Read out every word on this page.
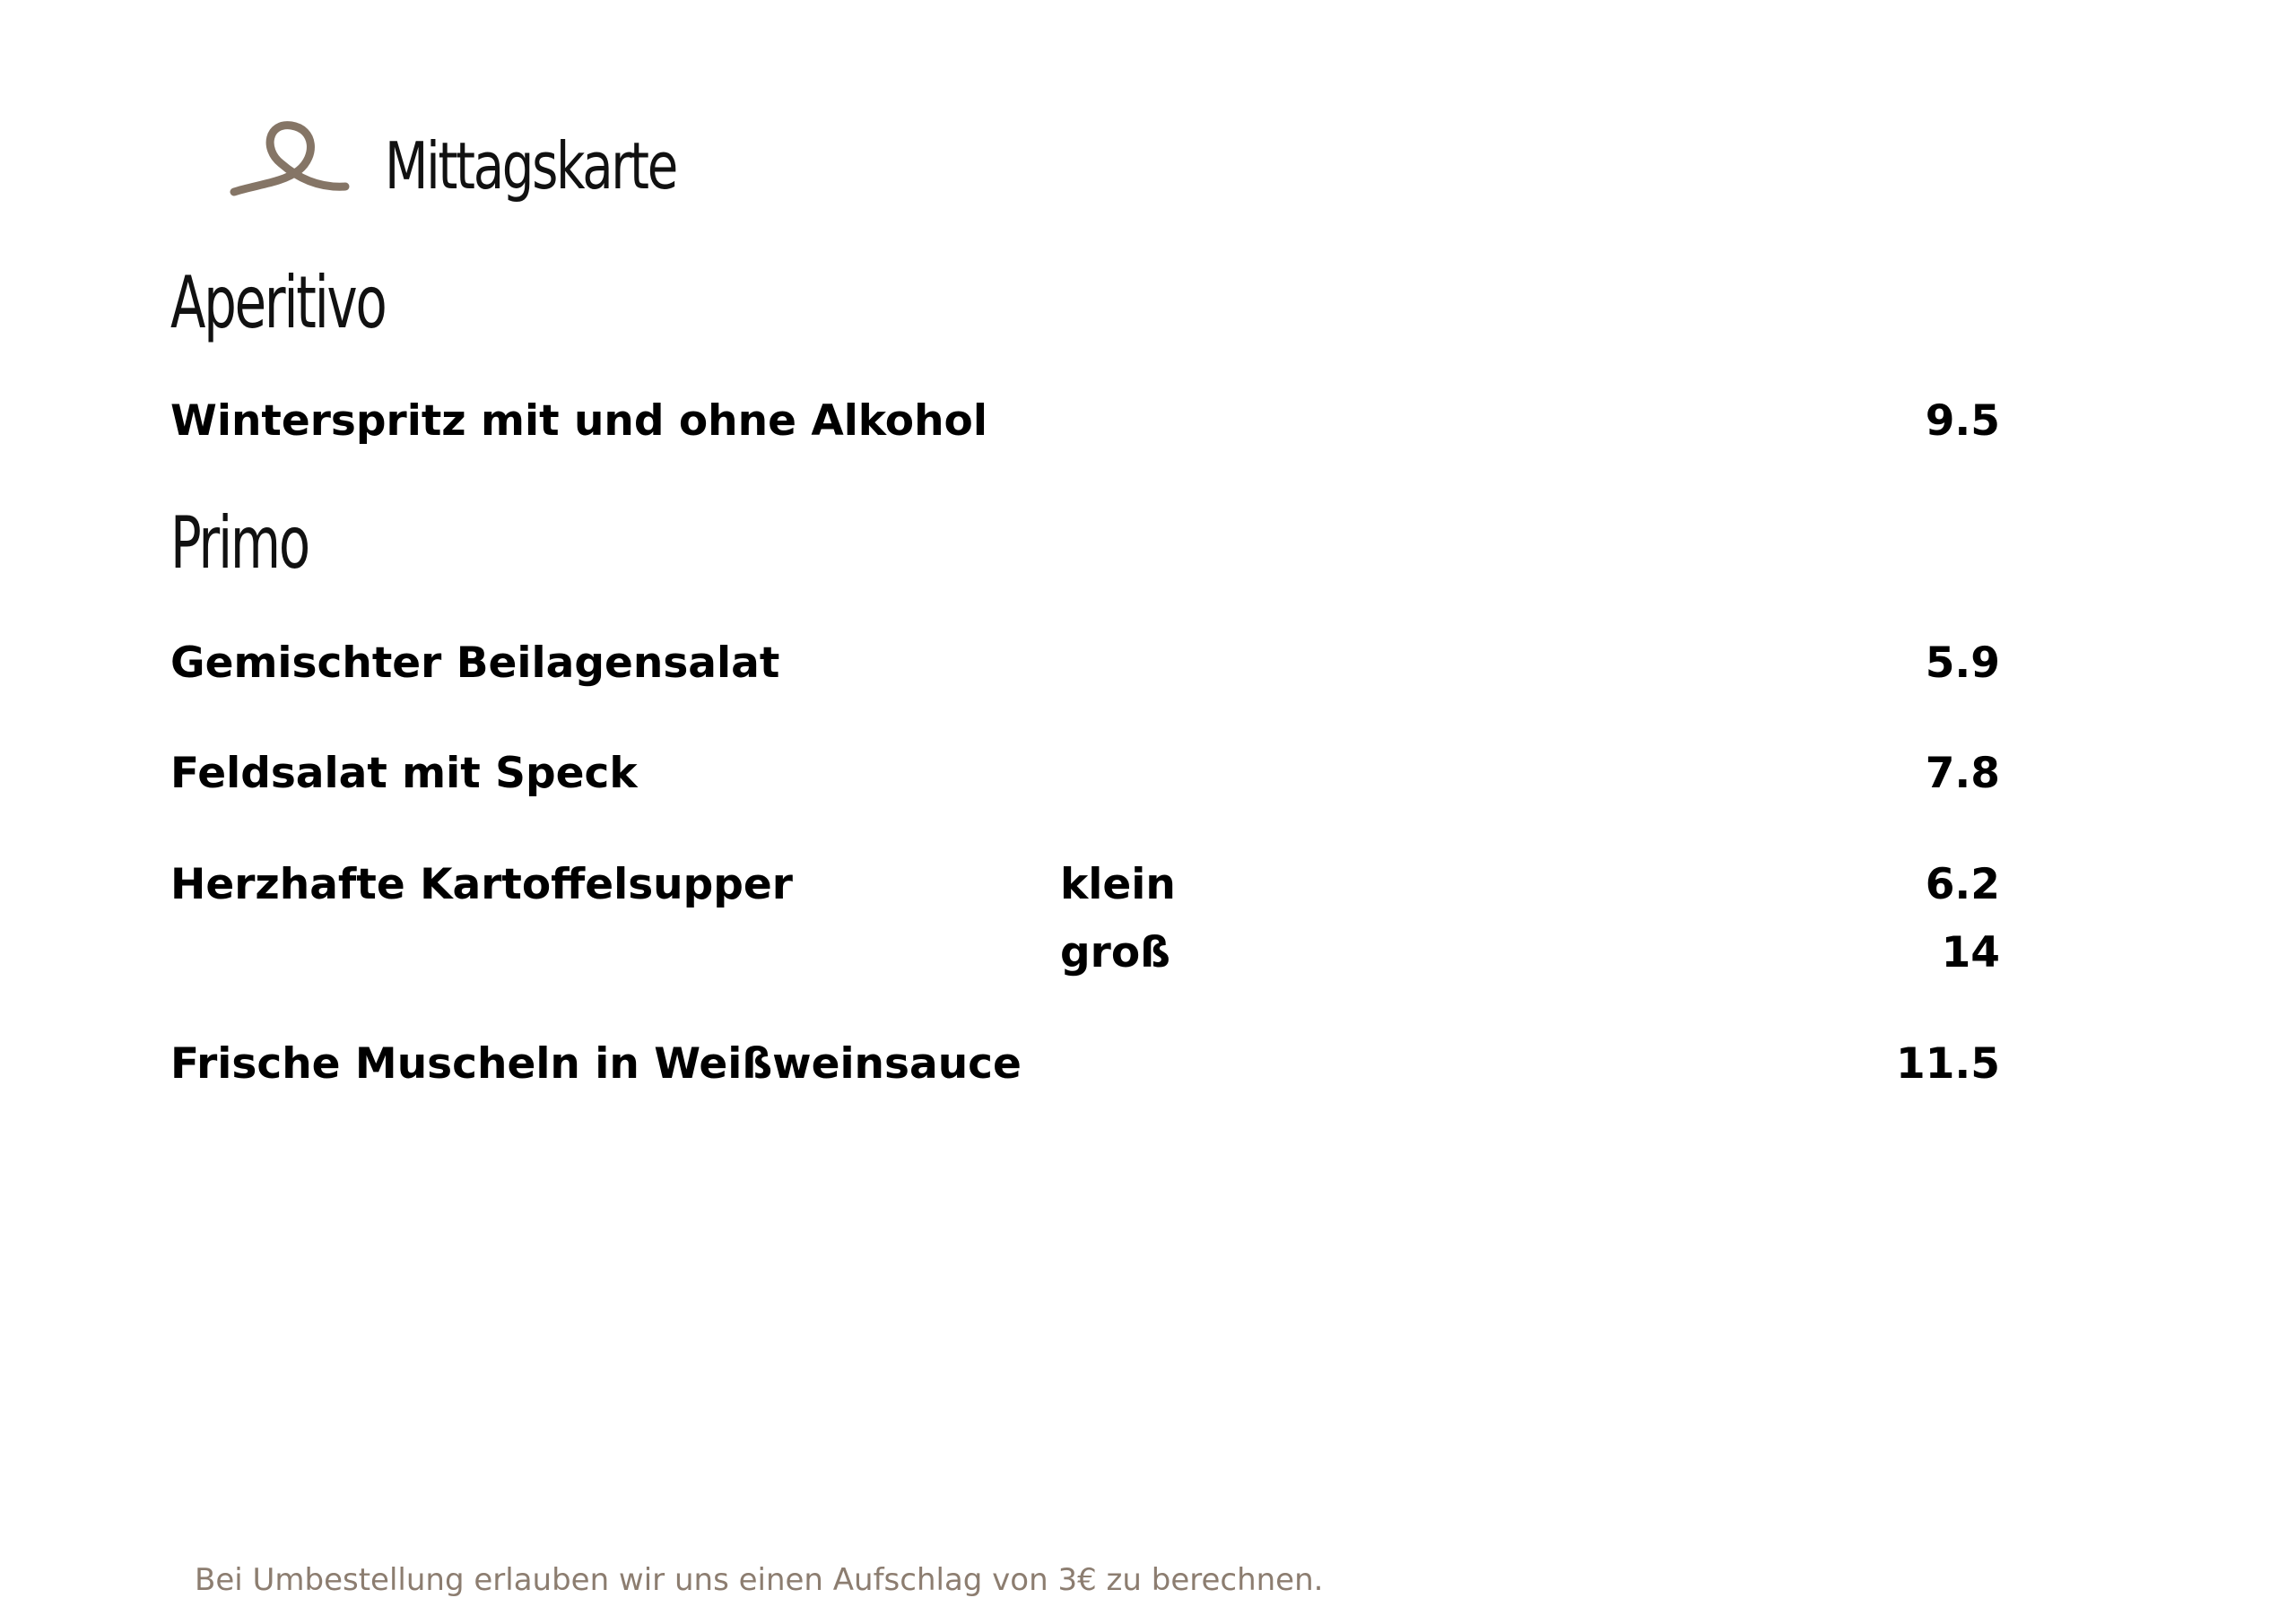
Mittagskarte
Aperitivo
Winterspritz mit und ohne Alkohol	9.5
Primo
Gemischter Beilagensalat	5.9
Feldsalat mit Speck	7.8
Herzhafte Kartoffelsupper	klein	6.2
groß	14
Frische Muscheln in Weißweinsauce	11.5
Bei Umbestellung erlauben wir uns einen Aufschlag von 3€ zu berechnen.
